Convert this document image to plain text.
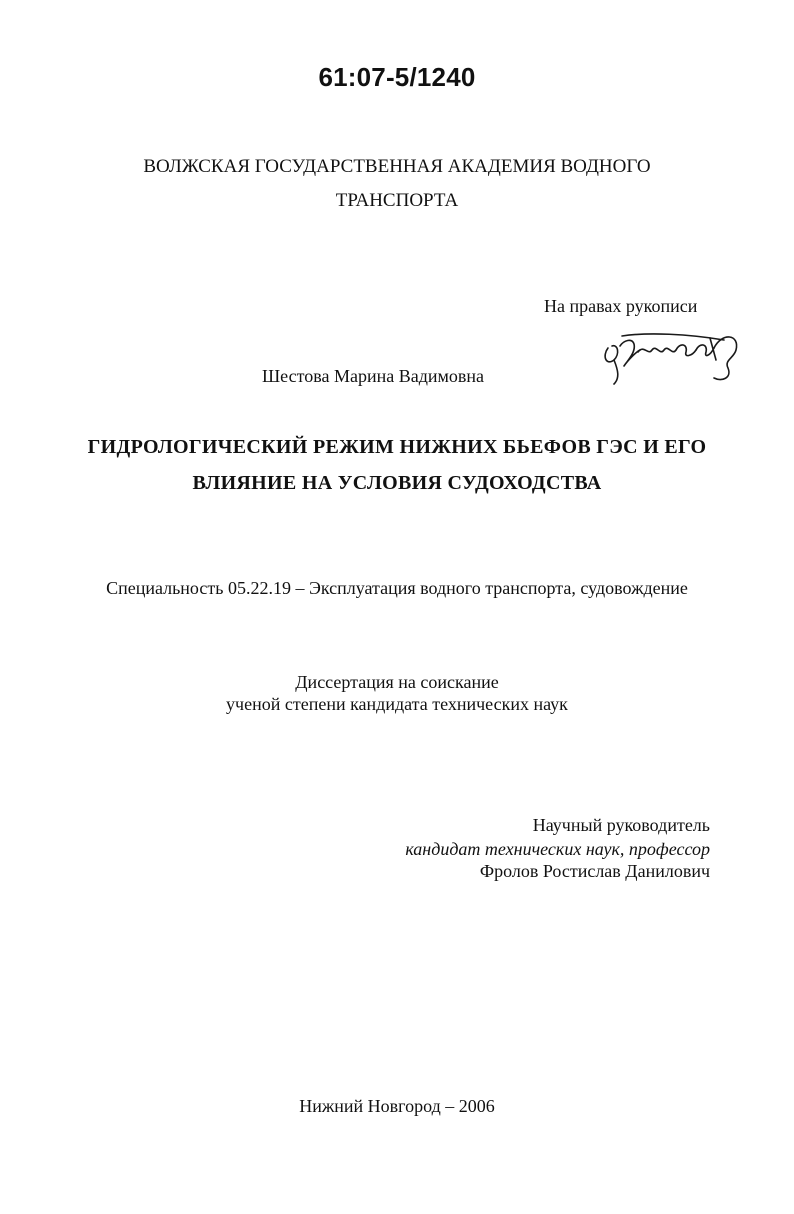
61:07-5/1240
ВОЛЖСКАЯ ГОСУДАРСТВЕННАЯ АКАДЕМИЯ ВОДНОГО
ТРАНСПОРТА
На правах рукописи
Шестова Марина Вадимовна
ГИДРОЛОГИЧЕСКИЙ РЕЖИМ НИЖНИХ БЬЕФОВ ГЭС И ЕГО
ВЛИЯНИЕ НА УСЛОВИЯ СУДОХОДСТВА
Специальность 05.22.19 – Эксплуатация водного транспорта, судовождение
Диссертация на соискание
ученой степени кандидата технических наук
Научный руководитель
кандидат технических наук, профессор
Фролов Ростислав Данилович
Нижний Новгород – 2006
